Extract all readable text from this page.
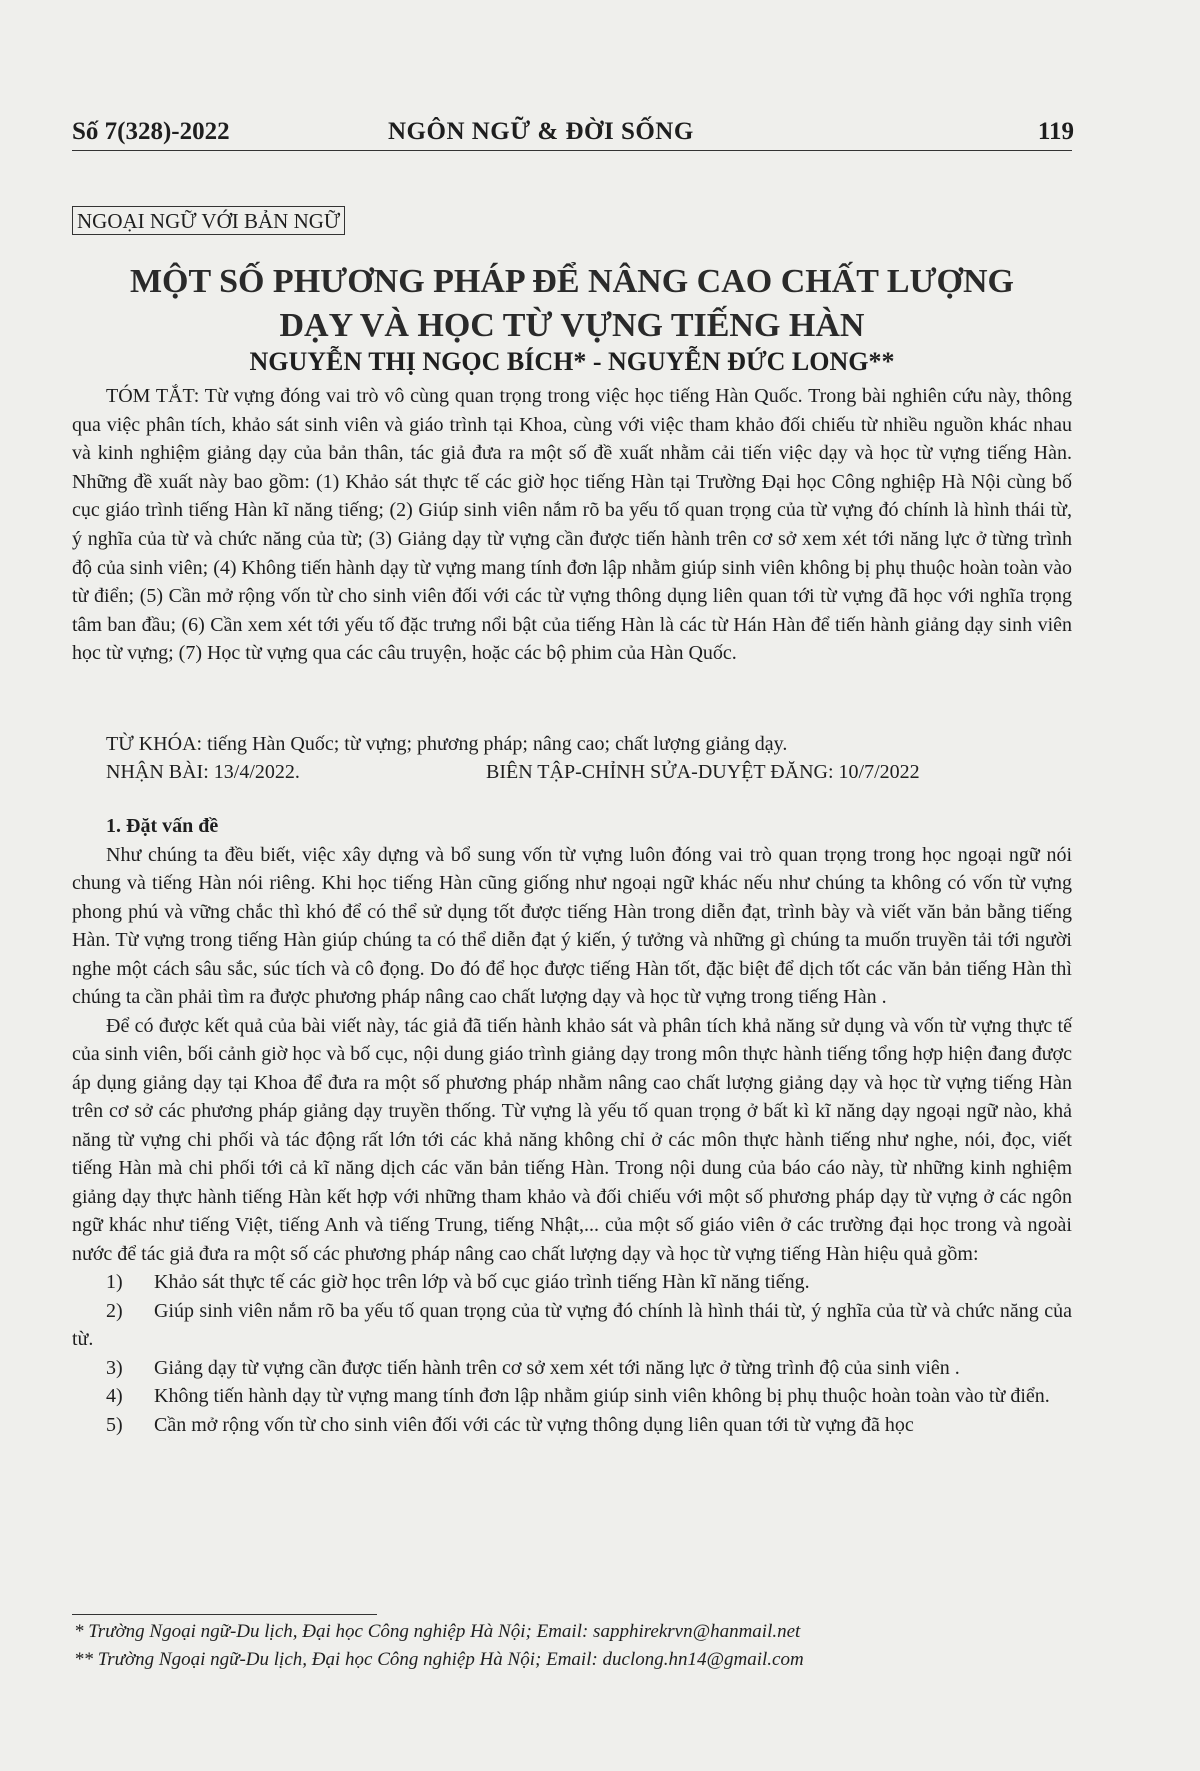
Số 7(328)-2022	NGÔN NGỮ & ĐỜI SỐNG	119
NGOẠI NGỮ VỚI BẢN NGỮ
MỘT SỐ PHƯƠNG PHÁP ĐỂ NÂNG CAO CHẤT LƯỢNG
DẠY VÀ HỌC TỪ VỰNG TIẾNG HÀN
NGUYỄN THỊ NGỌC BÍCH* - NGUYỄN ĐỨC LONG**

TÓM TẮT: Từ vựng đóng vai trò vô cùng quan trọng trong việc học tiếng Hàn Quốc. Trong bài nghiên cứu này, thông qua việc phân tích, khảo sát sinh viên và giáo trình tại Khoa, cùng với việc tham khảo đối chiếu từ nhiều nguồn khác nhau và kinh nghiệm giảng dạy của bản thân, tác giả đưa ra một số đề xuất nhằm cải tiến việc dạy và học từ vựng tiếng Hàn. Những đề xuất này bao gồm: (1) Khảo sát thực tế các giờ học tiếng Hàn tại Trường Đại học Công nghiệp Hà Nội cùng bố cục giáo trình tiếng Hàn kĩ năng tiếng; (2) Giúp sinh viên nắm rõ ba yếu tố quan trọng của từ vựng đó chính là hình thái từ, ý nghĩa của từ và chức năng của từ; (3) Giảng dạy từ vựng cần được tiến hành trên cơ sở xem xét tới năng lực ở từng trình độ của sinh viên; (4) Không tiến hành dạy từ vựng mang tính đơn lập nhằm giúp sinh viên không bị phụ thuộc hoàn toàn vào từ điển; (5) Cần mở rộng vốn từ cho sinh viên đối với các từ vựng thông dụng liên quan tới từ vựng đã học với nghĩa trọng tâm ban đầu; (6) Cần xem xét tới yếu tố đặc trưng nổi bật của tiếng Hàn là các từ Hán Hàn để tiến hành giảng dạy sinh viên học từ vựng; (7) Học từ vựng qua các câu truyện, hoặc các bộ phim của Hàn Quốc.

TỪ KHÓA: tiếng Hàn Quốc; từ vựng; phương pháp; nâng cao; chất lượng giảng dạy.
NHẬN BÀI: 13/4/2022.	BIÊN TẬP-CHỈNH SỬA-DUYỆT ĐĂNG: 10/7/2022
1. Đặt vấn đề

Như chúng ta đều biết, việc xây dựng và bổ sung vốn từ vựng luôn đóng vai trò quan trọng trong học ngoại ngữ nói chung và tiếng Hàn nói riêng. Khi học tiếng Hàn cũng giống như ngoại ngữ khác nếu như chúng ta không có vốn từ vựng phong phú và vững chắc thì khó để có thể sử dụng tốt được tiếng Hàn trong diễn đạt, trình bày và viết văn bản bằng tiếng Hàn. Từ vựng trong tiếng Hàn giúp chúng ta có thể diễn đạt ý kiến, ý tưởng và những gì chúng ta muốn truyền tải tới người nghe một cách sâu sắc, súc tích và cô đọng. Do đó để học được tiếng Hàn tốt, đặc biệt để dịch tốt các văn bản tiếng Hàn thì chúng ta cần phải tìm ra được phương pháp nâng cao chất lượng dạy và học từ vựng trong tiếng Hàn .

Để có được kết quả của bài viết này, tác giả đã tiến hành khảo sát và phân tích khả năng sử dụng và vốn từ vựng thực tế của sinh viên, bối cảnh giờ học và bố cục, nội dung giáo trình giảng dạy trong môn thực hành tiếng tổng hợp hiện đang được áp dụng giảng dạy tại Khoa để đưa ra một số phương pháp nhằm nâng cao chất lượng giảng dạy và học từ vựng tiếng Hàn trên cơ sở các phương pháp giảng dạy truyền thống. Từ vựng là yếu tố quan trọng ở bất kì kĩ năng dạy ngoại ngữ nào, khả năng từ vựng chi phối và tác động rất lớn tới các khả năng không chỉ ở các môn thực hành tiếng như nghe, nói, đọc, viết tiếng Hàn mà chi phối tới cả kĩ năng dịch các văn bản tiếng Hàn. Trong nội dung của báo cáo này, từ những kinh nghiệm giảng dạy thực hành tiếng Hàn kết hợp với những tham khảo và đối chiếu với một số phương pháp dạy từ vựng ở các ngôn ngữ khác như tiếng Việt, tiếng Anh và tiếng Trung, tiếng Nhật,... của một số giáo viên ở các trường đại học trong và ngoài nước để tác giả đưa ra một số các phương pháp nâng cao chất lượng dạy và học từ vựng tiếng Hàn hiệu quả gồm:

1) Khảo sát thực tế các giờ học trên lớp và bố cục giáo trình tiếng Hàn kĩ năng tiếng.
2) Giúp sinh viên nắm rõ ba yếu tố quan trọng của từ vựng đó chính là hình thái từ, ý nghĩa của từ và chức năng của từ.
3) Giảng dạy từ vựng cần được tiến hành trên cơ sở xem xét tới năng lực ở từng trình độ của sinh viên .
4) Không tiến hành dạy từ vựng mang tính đơn lập nhằm giúp sinh viên không bị phụ thuộc hoàn toàn vào từ điển.
5) Cần mở rộng vốn từ cho sinh viên đối với các từ vựng thông dụng liên quan tới từ vựng đã học
* Trường Ngoại ngữ-Du lịch, Đại học Công nghiệp Hà Nội; Email: sapphirekrvn@hanmail.net
** Trường Ngoại ngữ-Du lịch, Đại học Công nghiệp Hà Nội; Email: duclong.hn14@gmail.com
